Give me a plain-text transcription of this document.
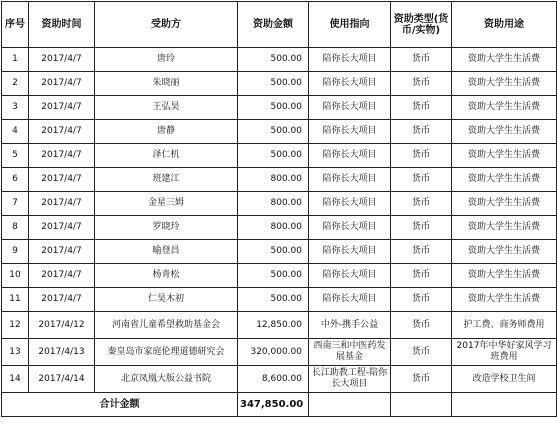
序号	资助时间	受助方	资助金额	使用指向	资助类型(货币/实物)	资助用途
1	2017/4/7	唐玲	500.00	陪你长大项目	货币	资助大学生生活费
2	2017/4/7	朱晓丽	500.00	陪你长大项目	货币	资助大学生生活费
3	2017/4/7	王弘昊	500.00	陪你长大项目	货币	资助大学生生活费
4	2017/4/7	唐静	500.00	陪你长大项目	货币	资助大学生生活费
5	2017/4/7	泽仁机	500.00	陪你长大项目	货币	资助大学生生活费
6	2017/4/7	班建江	800.00	陪你长大项目	货币	资助大学生生活费
7	2017/4/7	金星三姆	800.00	陪你长大项目	货币	资助大学生生活费
8	2017/4/7	罗晓玲	800.00	陪你长大项目	货币	资助大学生生活费
9	2017/4/7	喻登昌	500.00	陪你长大项目	货币	资助大学生生活费
10	2017/4/7	杨青松	500.00	陪你长大项目	货币	资助大学生生活费
11	2017/4/7	仁昊木初	500.00	陪你长大项目	货币	资助大学生生活费
12	2017/4/12	河南省儿童希望救助基金会	12,850.00	中外-携手公益	货币	护工费、商务师费用
13	2017/4/13	秦皇岛市家庭伦理道德研究会	320,000.00	西南三和中医药发展基金	货币	2017年中华好家风学习班费用
14	2017/4/14	北京凤凰大版公益书院	8,600.00	长江助教工程-陪你长大项目	货币	改造学校卫生间
合计金额			347,850.00			
